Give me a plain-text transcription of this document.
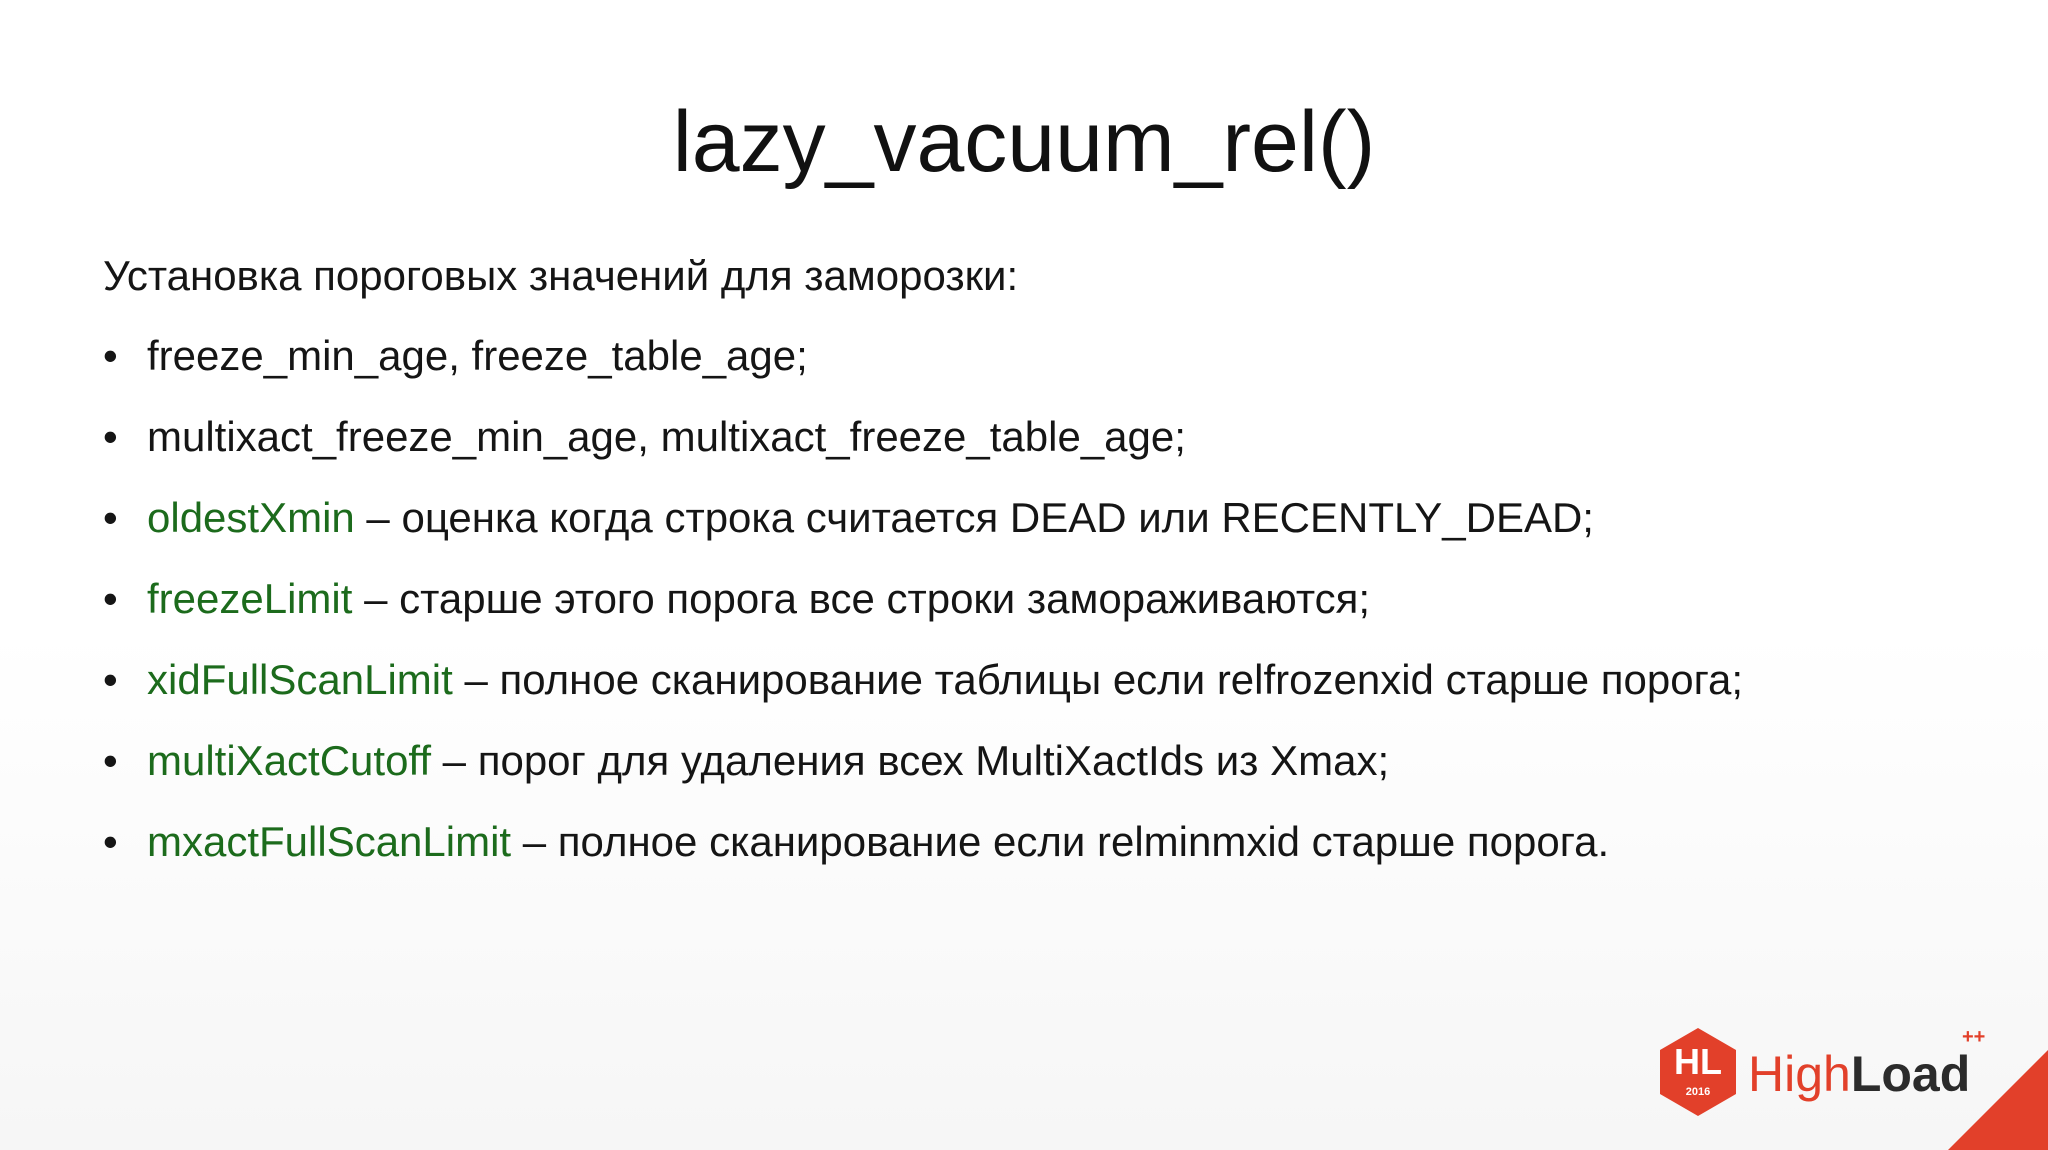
lazy_vacuum_rel()
Установка пороговых значений для заморозки:
• freeze_min_age, freeze_table_age;
• multixact_freeze_min_age, multixact_freeze_table_age;
• oldestXmin – оценка когда строка считается DEAD или RECENTLY_DEAD;
• freezeLimit – старше этого порога все строки замораживаются;
• xidFullScanLimit – полное сканирование таблицы если relfrozenxid старше порога;
• multiXactCutoff – порог для удаления всех MultiXactIds из Xmax;
• mxactFullScanLimit – полное сканирование если relminmxid старше порога.
HL
2016 HighLoad
++
